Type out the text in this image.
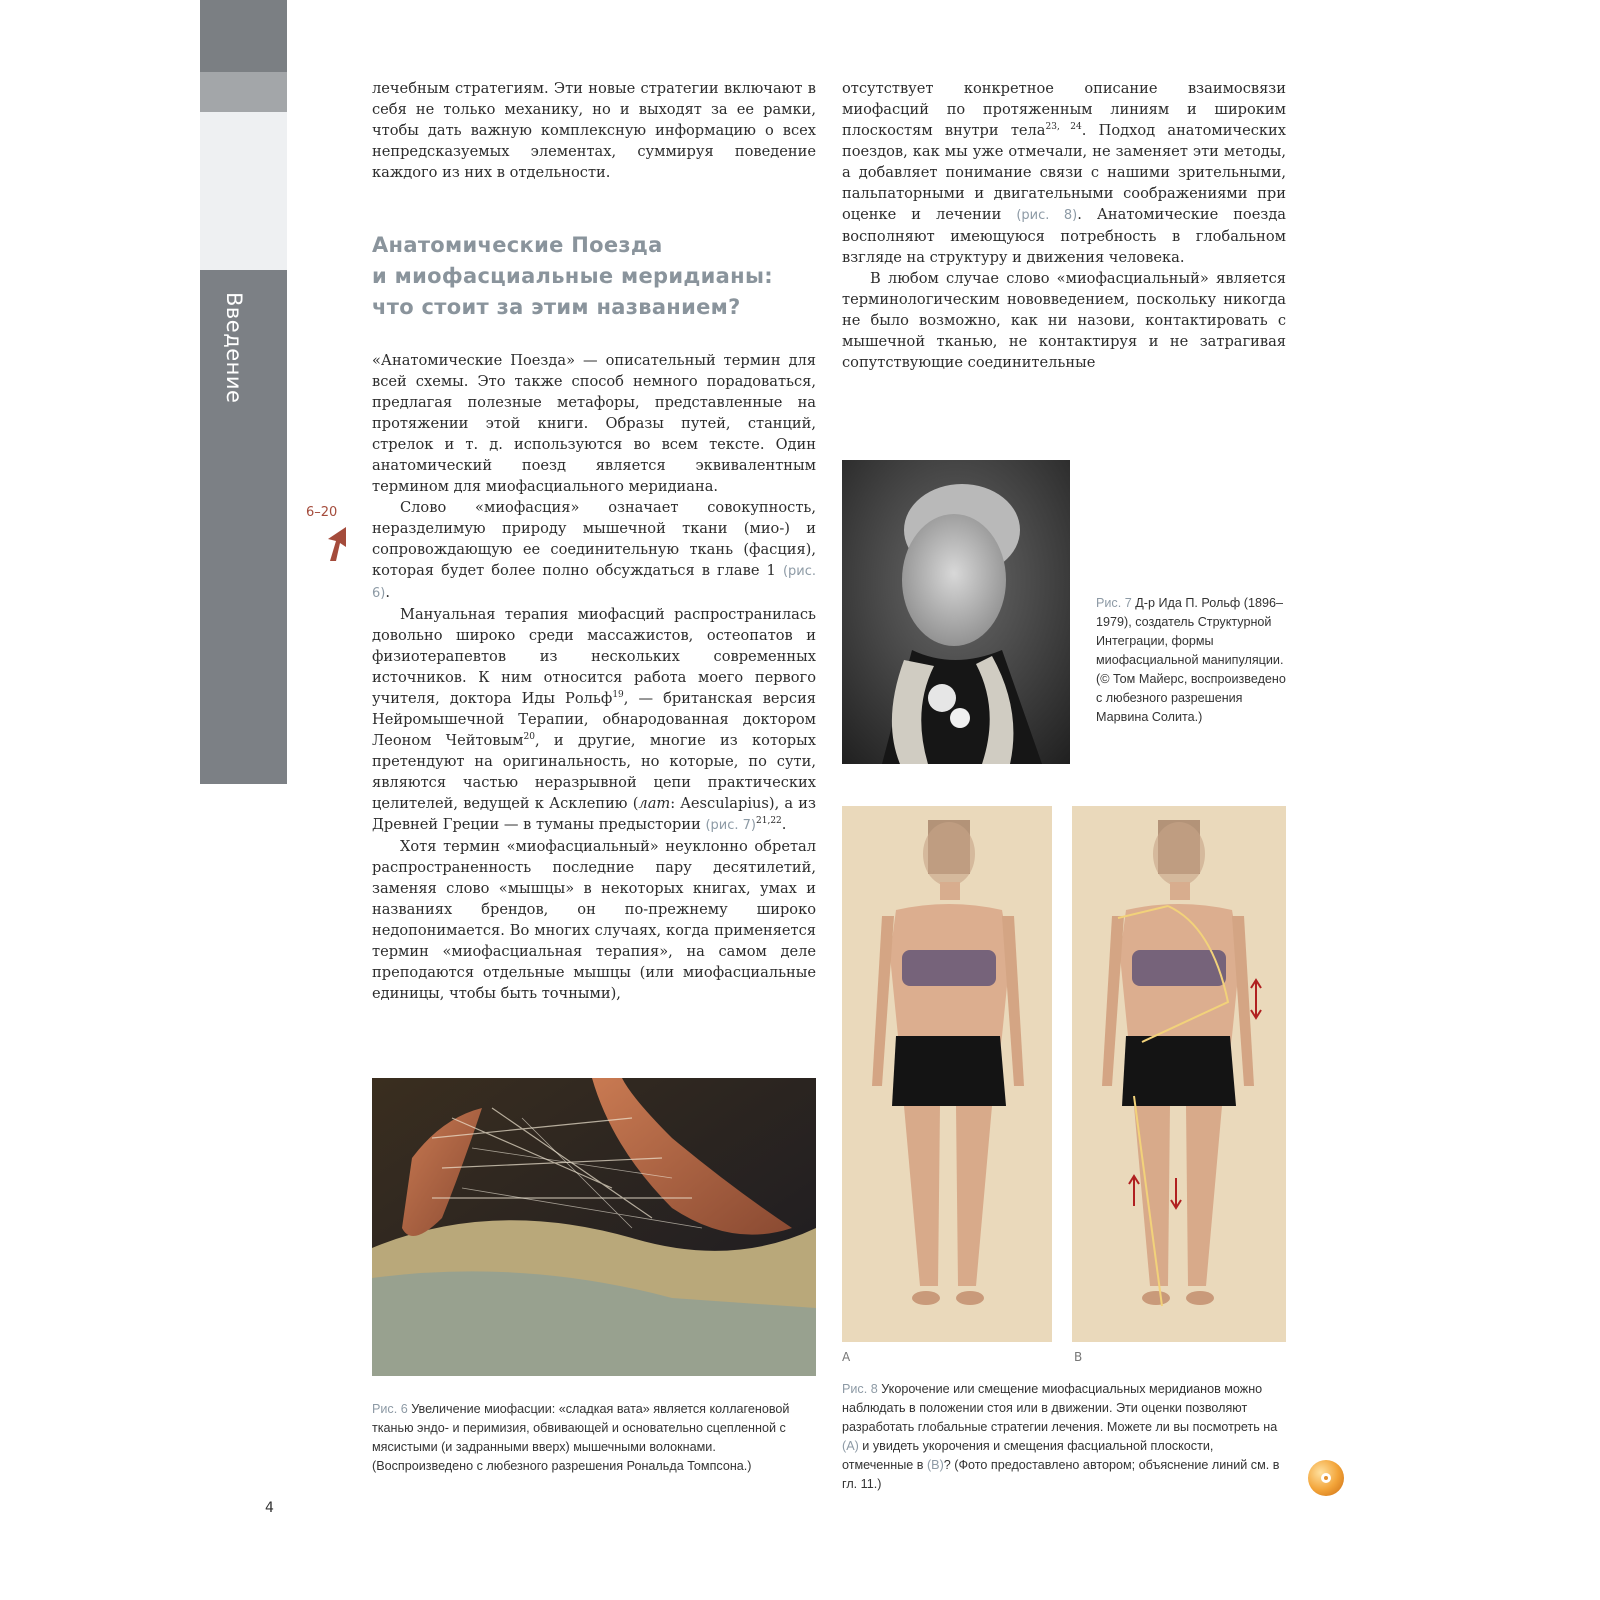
Введение

лечебным стратегиям. Эти новые стратегии включают в себя не только механику, но и выходят за ее рамки, чтобы дать важную комплексную информацию о всех непредсказуемых элементах, суммируя поведение каждого из них в отдельности.

Анатомические Поезда
и миофасциальные меридианы:
что стоит за этим названием?
6–20

«Анатомические Поезда» — описательный термин для всей схемы. Это также способ немного порадоваться, предлагая полезные метафоры, представленные на протяжении этой книги. Образы путей, станций, стрелок и т. д. используются во всем тексте. Один анатомический поезд является эквивалентным термином для миофасциального меридиана.

Слово «миофасция» означает совокупность, неразделимую природу мышечной ткани (мио-) и сопровождающую ее соединительную ткань (фасция), которая будет более полно обсуждаться в главе 1 (рис. 6).

Мануальная терапия миофасций распространилась довольно широко среди массажистов, остеопатов и физиотерапевтов из нескольких современных источников. К ним относится работа моего первого учителя, доктора Иды Рольф$^{19}$, — британская версия Нейромышечной Терапии, обнародованная доктором Леоном Чейтовым$^{20}$, и другие, многие из которых претендуют на оригинальность, но которые, по сути, являются частью неразрывной цепи практических целителей, ведущей к Асклепию (лат: Aesculapius), а из Древней Греции — в туманы предыстории (рис. 7)$^{21,22}$.

Хотя термин «миофасциальный» неуклонно обретал распространенность последние пару десятилетий, заменяя слово «мышцы» в некоторых книгах, умах и названиях брендов, он по-прежнему широко недопонимается. Во многих случаях, когда применяется термин «миофасциальная терапия», на самом деле преподаются отдельные мышцы (или миофасциальные единицы, чтобы быть точными),

отсутствует конкретное описание взаимосвязи миофасций по протяженным линиям и широким плоскостям внутри тела$^{23, 24}$. Подход анатомических поездов, как мы уже отмечали, не заменяет эти методы, а добавляет понимание связи с нашими зрительными, пальпаторными и двигательными соображениями при оценке и лечении (рис. 8). Анатомические поезда восполняют имеющуюся потребность в глобальном взгляде на структуру и движения человека.

В любом случае слово «миофасциальный» является терминологическим нововведением, поскольку никогда не было возможно, как ни назови, контактировать с мышечной тканью, не контактируя и не затрагивая сопутствующие соединительные

Рис. 7 Д-р Ида П. Рольф (1896–1979), создатель Структурной Интеграции, формы миофасциальной манипуляции. (© Том Майерс, воспроизведено с любезного разрешения Марвина Солита.)
A	B
Рис. 8 Укорочение или смещение миофасциальных меридианов можно наблюдать в положении стоя или в движении. Эти оценки позволяют разработать глобальные стратегии лечения. Можете ли вы посмотреть на (A) и увидеть укорочения и смещения фасциальной плоскости, отмеченные в (B)? (Фото предоставлено автором; объяснение линий см. в гл. 11.)
Рис. 6 Увеличение миофасции: «сладкая вата» является коллагеновой тканью эндо- и перимизия, обвивающей и основательно сцепленной с мясистыми (и задранными вверх) мышечными волокнами. (Воспроизведено с любезного разрешения Рональда Томпсона.)
4
